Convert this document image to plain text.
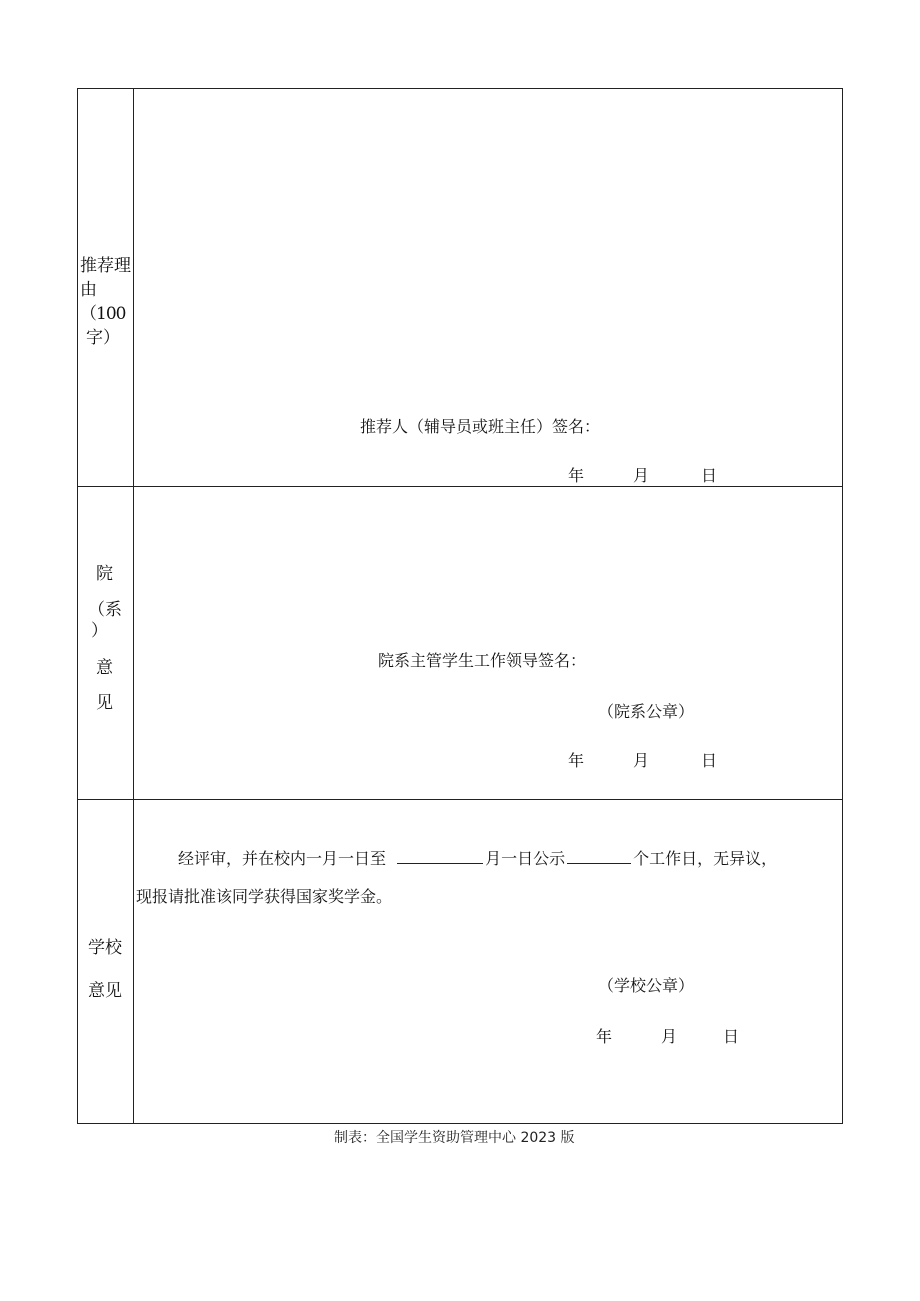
推荐理
由（100
字）
推荐人（辅导员或班主任）签名：
年	月	日
院
（系
）
意
见
院系主管学生工作领导签名：
（院系公章）
年	月	日
学校
意见
经评审，并在校内一月一日至	月一日公示	个工作日，无异议，
现报请批准该同学获得国家奖学金。
（学校公章）
年	月	日
制表：全国学生资助管理中心 2023 版
